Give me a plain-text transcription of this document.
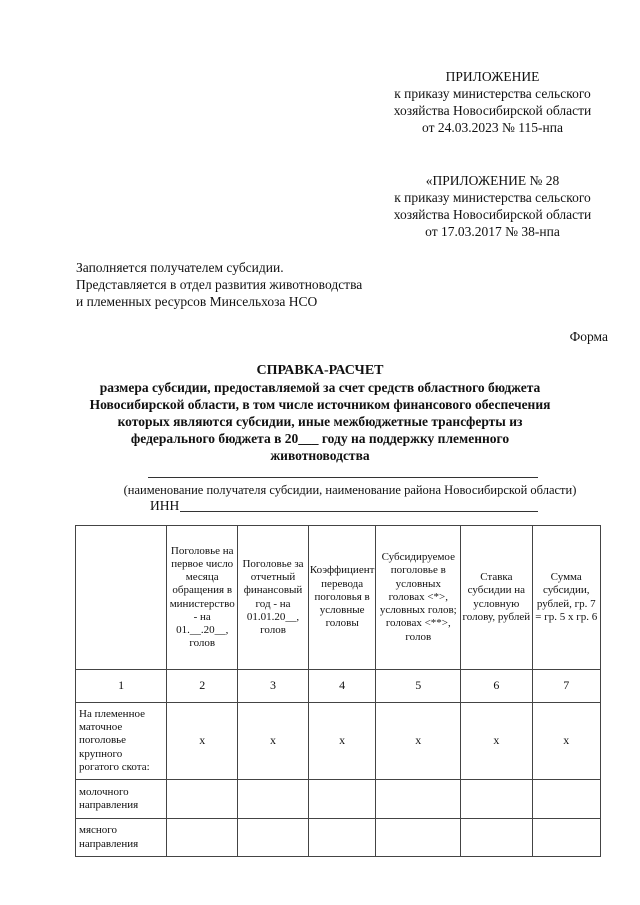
ПРИЛОЖЕНИЕ
к приказу министерства сельского
хозяйства Новосибирской области
от 24.03.2023 № 115-нпа
«ПРИЛОЖЕНИЕ № 28
к приказу министерства сельского
хозяйства Новосибирской области
от 17.03.2017 № 38-нпа
Заполняется получателем субсидии.
Представляется в отдел развития животноводства
и племенных ресурсов Минсельхоза НСО
Форма
СПРАВКА-РАСЧЕТ
размера субсидии, предоставляемой за счет средств областного бюджета
Новосибирской области, в том числе источником финансового обеспечения
которых являются субсидии, иные межбюджетные трансферты из
федерального бюджета в 20___ году на поддержку племенного
животноводства
(наименование получателя субсидии, наименование района Новосибирской области)
ИНН
	Поголовье на первое число месяца обращения в министерство - на 01.__.20__, голов	Поголовье за отчетный финансовый год - на 01.01.20__, голов	Коэффициент перевода поголовья в условные головы	Субсидируемое поголовье в условных головах <*>, условных голов; головах <**>, голов	Ставка субсидии на условную голову, рублей	Сумма субсидии, рублей, гр. 7 = гр. 5 x гр. 6
1	2	3	4	5	6	7
На племенное маточное поголовье крупного рогатого скота:	x	x	x	x	x	x
молочного направления						
мясного направления						
